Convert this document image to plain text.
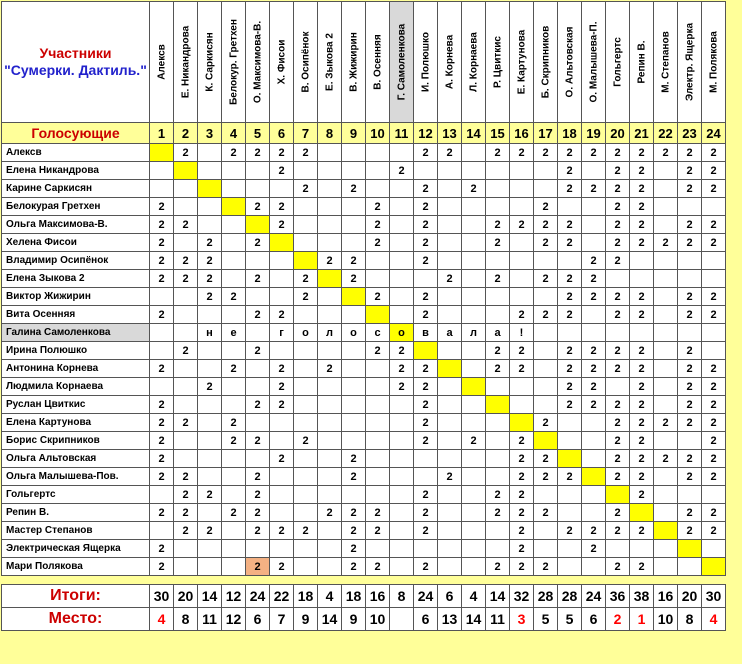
Участники
"Сумерки. Дактиль."	Алексв	Е. Никандрова	К. Саркисян	Белокур. Гретхен	О. Максимова-В.	Х. Фисои	В. Осипёнок	Е. Зыкова 2	В. Жижирин	В. Осенняя	Г. Самоленкова	И. Полюшко	А. Корнева	Л. Корнаева	Р. Цвиткис	Е. Картунова	Б. Скрипников	О. Альтовская	О. Малышева-П.	Гольгертс	Репин В.	М. Степанов	Электр. Ящерка	М. Полякова

Голосующие	1	2	3	4	5	6	7	8	9	10	11	12	13	14	15	16	17	18	19	20	21	22	23	24
Алексв		2		2	2	2	2					2	2		2	2	2	2	2	2	2	2	2	2
Елена Никандрова						2					2							2		2	2		2	2
Карине Саркисян							2		2			2		2				2	2	2	2		2	2
Белокурая Гретхен	2				2	2				2		2					2			2	2			
Ольга Максимова-В.	2	2				2				2		2			2	2	2	2		2	2		2	2
Хелена Фисои	2		2		2					2		2			2		2	2		2	2	2	2	2
Владимир Осипёнок	2	2	2					2	2			2							2	2				
Елена Зыкова 2	2	2	2		2		2		2				2		2		2	2	2					
Виктор Жижирин			2	2			2			2		2						2	2	2	2		2	2
Вита Осенняя	2				2	2						2				2	2	2		2	2		2	2
Галина Самоленкова			н	е		г	о	л	о	с	о	в	а	л	а	!								
Ирина Полюшко		2			2					2	2				2	2		2	2	2	2		2	
Антонина Корнева	2			2		2		2			2	2			2	2		2	2	2	2		2	2
Людмила Корнаева			2			2					2	2						2	2		2		2	2
Руслан Цвиткис	2				2	2						2						2	2	2	2		2	2
Елена Картунова	2	2		2								2					2			2	2	2	2	2
Борис Скрипников	2			2	2		2					2		2		2				2	2			2
Ольга Альтовская	2					2			2							2	2			2	2	2	2	2
Ольга Малышева-Пов.	2	2			2				2				2			2	2	2		2	2		2	2
Гольгертс		2	2		2							2			2	2					2			
Репин В.	2	2		2	2			2	2	2		2			2	2	2			2			2	2
Мастер Степанов		2	2		2	2	2		2	2		2				2		2	2	2	2		2	2
Электрическая Ящерка	2								2							2			2					
Мари Полякова	2				2	2			2	2		2			2	2	2			2	2			

Итоги:	30	20	14	12	24	22	18	4	18	16	8	24	6	4	14	32	28	28	24	36	38	16	20	30
Место:	4	8	11	12	6	7	9	14	9	10		6	13	14	11	3	5	5	6	2	1	10	8	4
